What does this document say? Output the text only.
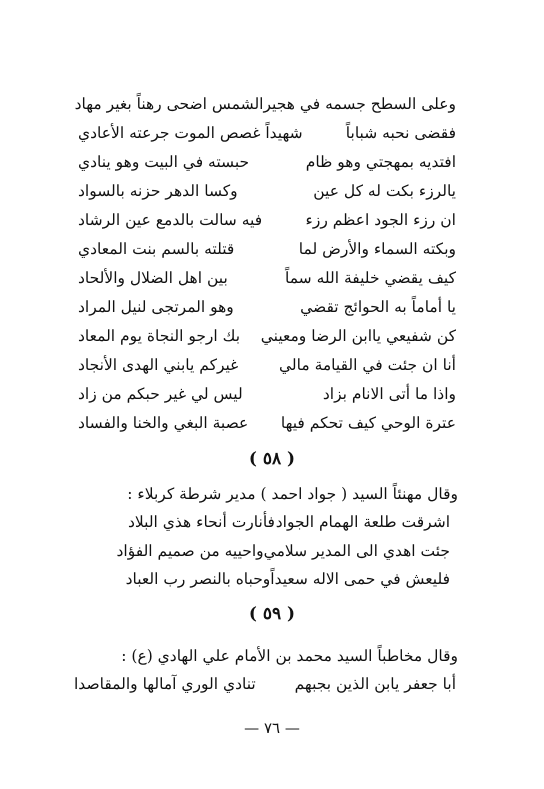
وعلى السطح جسمه في هجير
الشمس اضحى رهناً بغير مهاد
فقضى نحبه شباباً
شهيداً غصص الموت جرعته الأعادي
افتديه بمهجتي وهو ظام
حبسته في البيت وهو ينادي
يالرزء بكت له كل عين
وكسا الدهر حزنه بالسواد
ان رزء الجود اعظم رزء
فيه سالت بالدمع عين الرشاد
وبكته السماء والأرض لما
قتلته بالسم بنت المعادي
كيف يقضي خليفة الله سماً
بين اهل الضلال والألحاد
يا أماماً به الحوائج تقضي
وهو المرتجى لنيل المراد
كن شفيعي ياابن الرضا ومعيني
بك ارجو النجاة يوم المعاد
أنا ان جئت في القيامة مالي
غيركم يابني الهدى الأنجاد
واذا ما أتى الانام بزاد
ليس لي غير حبكم من زاد
عترة الوحي كيف تحكم فيها
عصبة البغي والخنا والفساد
( ٥٨ )
وقال مهنئاً السيد ( جواد احمد ) مدير شرطة كربلاء :
اشرقت طلعة الهمام الجواد
فأنارت أنحاء هذي البلاد
جئت اهدي الى المدير سلامي
واحييه من صميم الفؤاد
فليعش في حمى الاله سعيداً
وحباه بالنصر رب العباد
( ٥٩ )
وقال مخاطباً السيد محمد بن الأمام علي الهادي (ع) :
أبا جعفر يابن الذين بجبهم
تنادي الوري آمالها والمقاصدا
— ٧٦ —
